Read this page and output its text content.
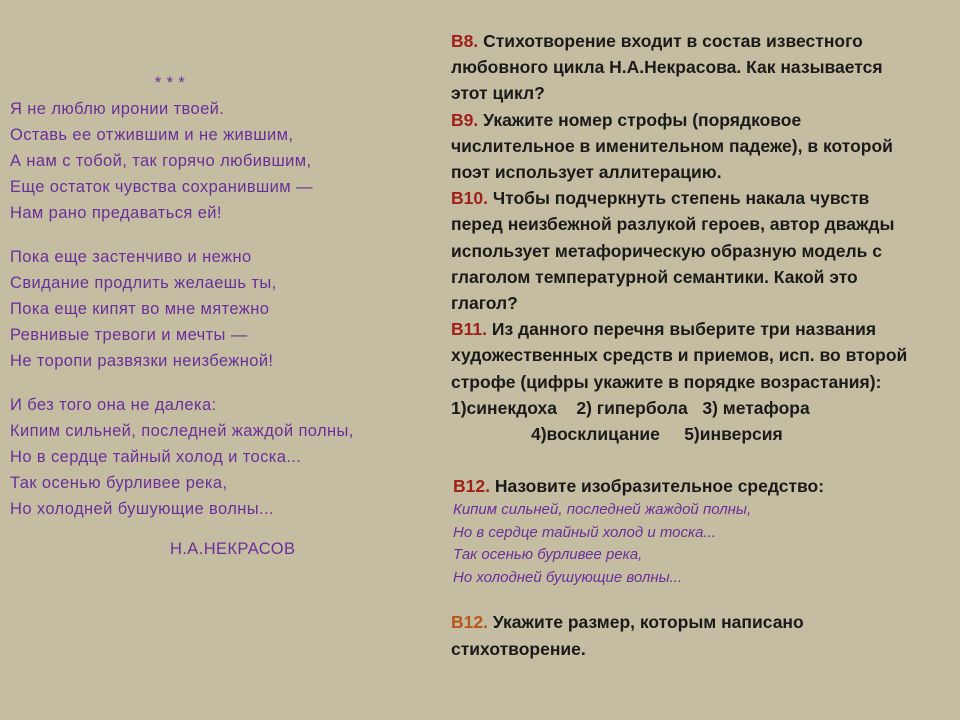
* * *
Я не люблю иронии твоей.
Оставь ее отжившим и не жившим,
А нам с тобой, так горячо любившим,
Еще остаток чувства сохранившим —
Нам рано предаваться ей!
Пока еще застенчиво и нежно
Свидание продлить желаешь ты,
Пока еще кипят во мне мятежно
Ревнивые тревоги и мечты —
Не торопи развязки неизбежной!
И без того она не далека:
Кипим сильней, последней жаждой полны,
Но в сердце тайный холод и тоска...
Так осенью бурливее река,
Но холодней бушующие волны...
Н.А.НЕКРАСОВ
В8. Стихотворение входит в состав известного
любовного цикла Н.А.Некрасова. Как называется
этот цикл?
В9. Укажите номер строфы (порядковое
числительное в именительном падеже), в которой
поэт использует аллитерацию.
В10. Чтобы подчеркнуть степень накала чувств
перед неизбежной разлукой героев, автор дважды
использует метафорическую образную модель с
глаголом температурной семантики. Какой это
глагол?
В11. Из данного перечня выберите три названия
художественных средств и приемов, исп. во второй
строфе (цифры укажите в порядке возрастания):
1)синекдоха    2) гипербола   3) метафора
4)восклицание     5)инверсия
В12. Назовите изобразительное средство:
Кипим сильней, последней жаждой полны,
Но в сердце тайный холод и тоска...
Так осенью бурливее река,
Но холодней бушующие волны...
В12. Укажите размер, которым написано
стихотворение.
